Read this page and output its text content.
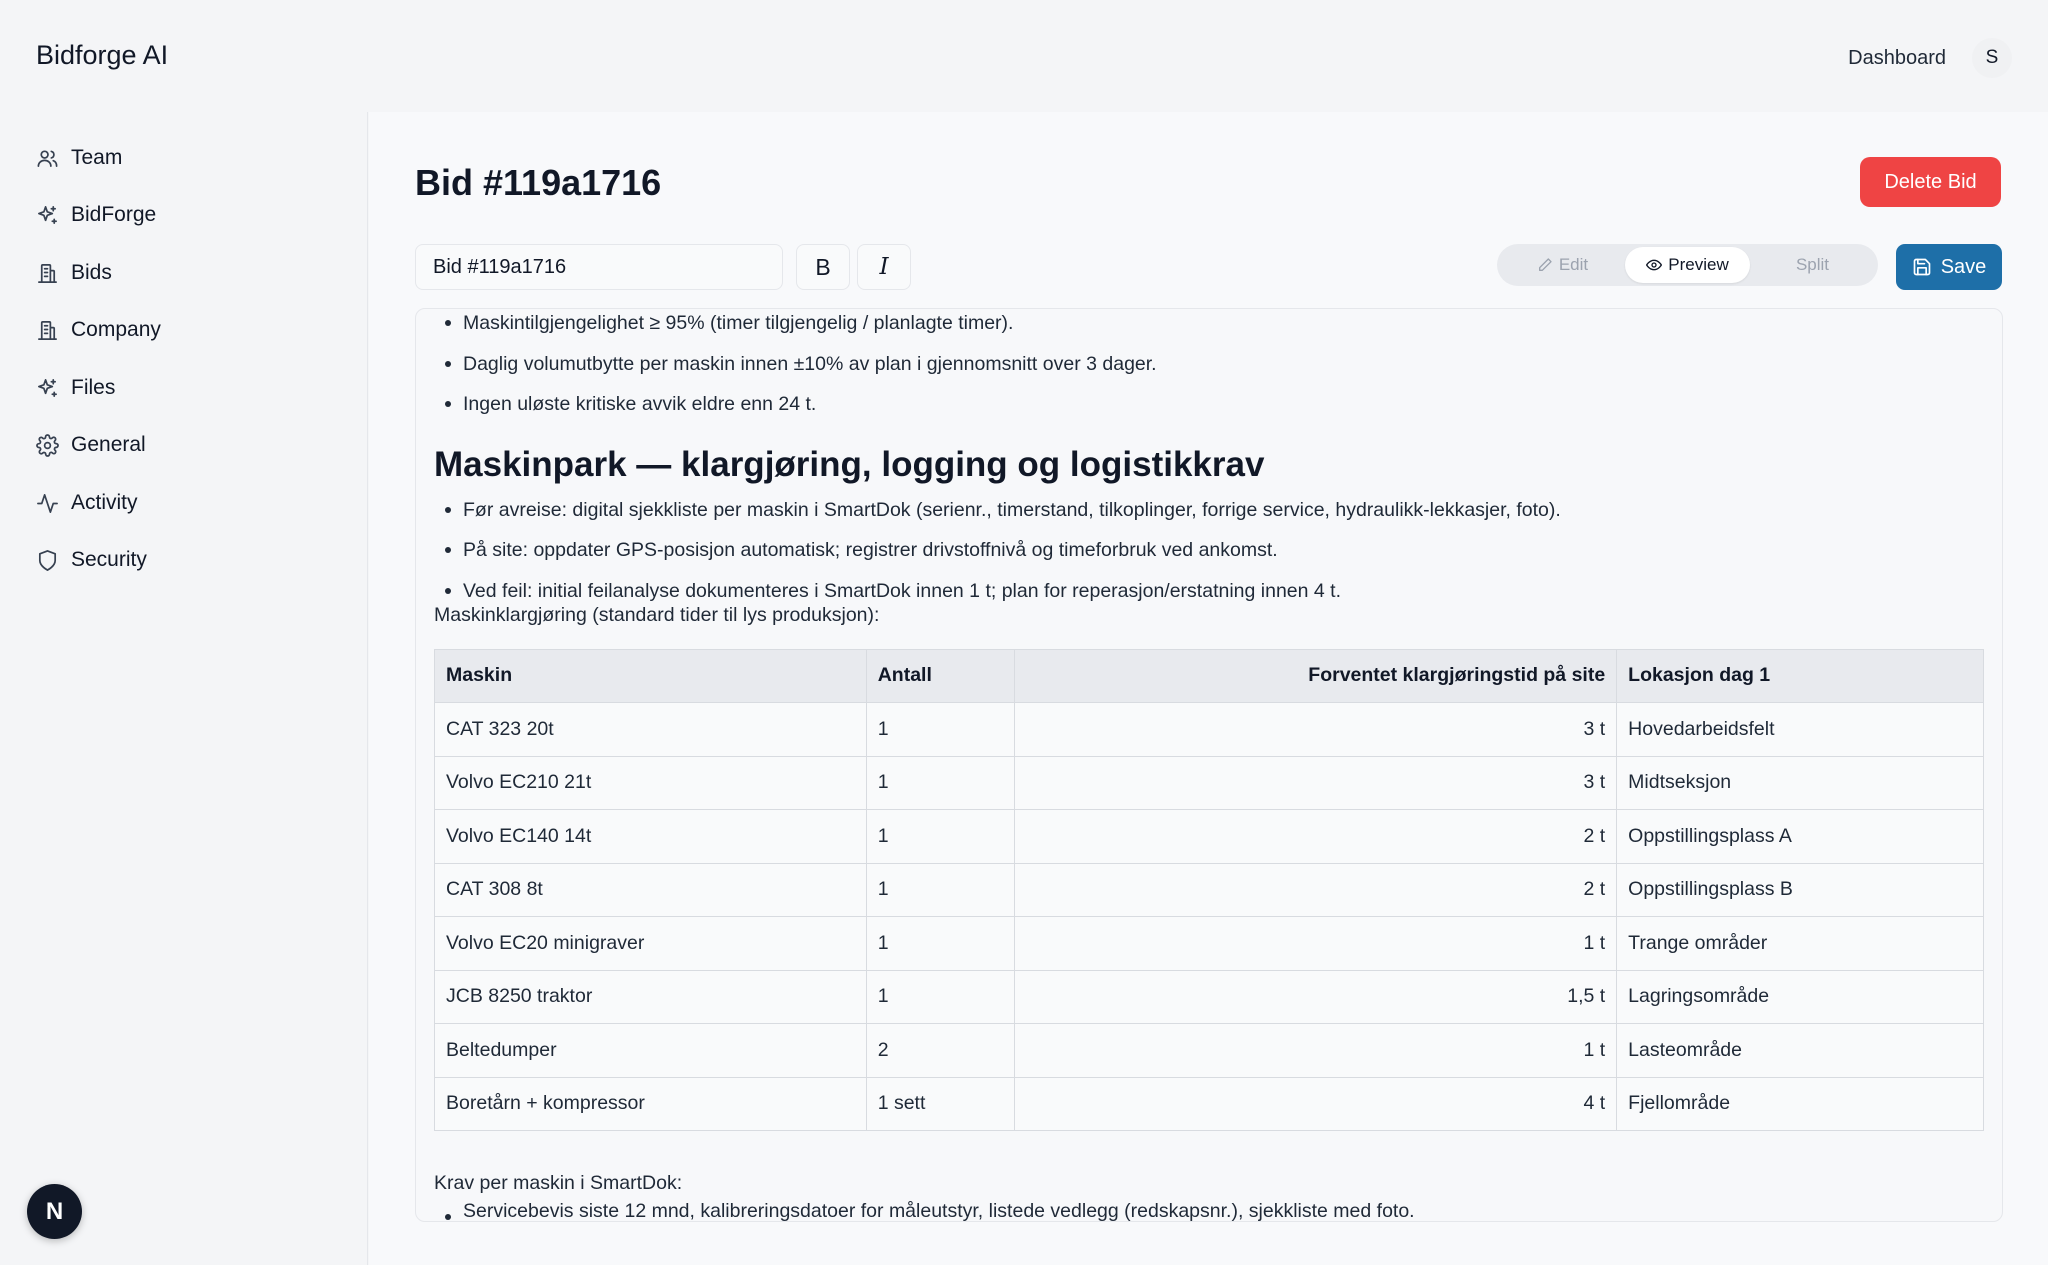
Bidforge AI	Dashboard	S
Team
BidForge
Bids
Company
Files
General
Activity
Security
N
Bid #119a1716	Delete Bid
Bid #119a1716
B	I	Edit	Preview	Split	Save
Maskintilgjengelighet ≥ 95% (timer tilgjengelig / planlagte timer).
Daglig volumutbytte per maskin innen ±10% av plan i gjennomsnitt over 3 dager.
Ingen uløste kritiske avvik eldre enn 24 t.
Maskinpark — klargjøring, logging og logistikkrav
Før avreise: digital sjekkliste per maskin i SmartDok (serienr., timerstand, tilkoplinger, forrige service, hydraulikk-lekkasjer, foto).
På site: oppdater GPS-posisjon automatisk; registrer drivstoffnivå og timeforbruk ved ankomst.
Ved feil: initial feilanalyse dokumenteres i SmartDok innen 1 t; plan for reperasjon/erstatning innen 4 t.
Maskinklargjøring (standard tider til lys produksjon):
Maskin	Antall	Forventet klargjøringstid på site	Lokasjon dag 1
CAT 323 20t	1	3 t	Hovedarbeidsfelt
Volvo EC210 21t	1	3 t	Midtseksjon
Volvo EC140 14t	1	2 t	Oppstillingsplass A
CAT 308 8t	1	2 t	Oppstillingsplass B
Volvo EC20 minigraver	1	1 t	Trange områder
JCB 8250 traktor	1	1,5 t	Lagringsområde
Beltedumper	2	1 t	Lasteområde
Boretårn + kompressor	1 sett	4 t	Fjellområde
Krav per maskin i SmartDok:
Servicebevis siste 12 mnd, kalibreringsdatoer for måleutstyr, listede vedlegg (redskapsnr.), sjekkliste med foto.
